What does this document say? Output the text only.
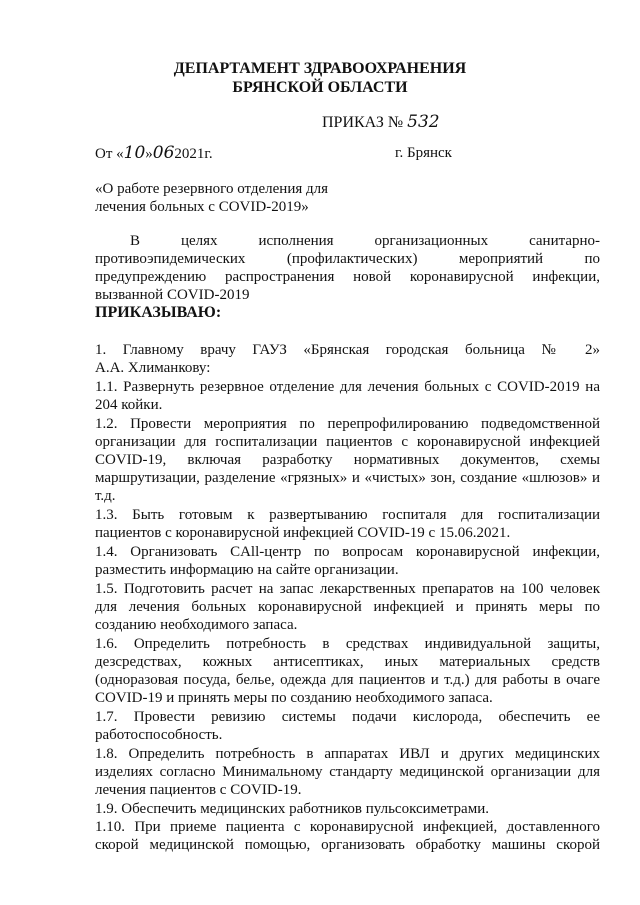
ДЕПАРТАМЕНТ ЗДРАВООХРАНЕНИЯ
БРЯНСКОЙ ОБЛАСТИ
ПРИКАЗ № 532
От «10»062021г.	г. Брянск
«О работе резервного отделения для
лечения больных с COVID-2019»
В	целях	исполнения	организационных	санитарно-
противоэпидемических	(профилактических)	мероприятий	по
предупреждению распространения новой коронавирусной инфекции,
вызванной COVID-2019
ПРИКАЗЫВАЮ:
1. Главному врачу ГАУЗ «Брянская городская больница № 2»
А.А. Хлиманкову:
1.1. Развернуть резервное отделение для лечения больных с COVID-2019 на
204 койки.
1.2. Провести мероприятия по перепрофилированию подведомственной
организации для госпитализации пациентов с коронавирусной инфекцией
COVID-19, включая разработку нормативных документов, схемы
маршрутизации, разделение «грязных» и «чистых» зон, создание «шлюзов» и
т.д.
1.3. Быть готовым к развертыванию госпиталя для госпитализации
пациентов с коронавирусной инфекцией COVID-19 с 15.06.2021.
1.4. Организовать CAll-центр по вопросам коронавирусной инфекции,
разместить информацию на сайте организации.
1.5. Подготовить расчет на запас лекарственных препаратов на 100 человек
для лечения больных коронавирусной инфекцией и принять меры по
созданию необходимого запаса.
1.6. Определить потребность в средствах индивидуальной защиты,
дезсредствах, кожных антисептиках, иных материальных средств
(одноразовая посуда, белье, одежда для пациентов и т.д.) для работы в очаге
COVID-19 и принять меры по созданию необходимого запаса.
1.7. Провести ревизию системы подачи кислорода, обеспечить ее
работоспособность.
1.8. Определить потребность в аппаратах ИВЛ и других медицинских
изделиях согласно Минимальному стандарту медицинской организации для
лечения пациентов с COVID-19.
1.9. Обеспечить медицинских работников пульсоксиметрами.
1.10. При приеме пациента с коронавирусной инфекцией, доставленного
скорой медицинской помощью, организовать обработку машины скорой
